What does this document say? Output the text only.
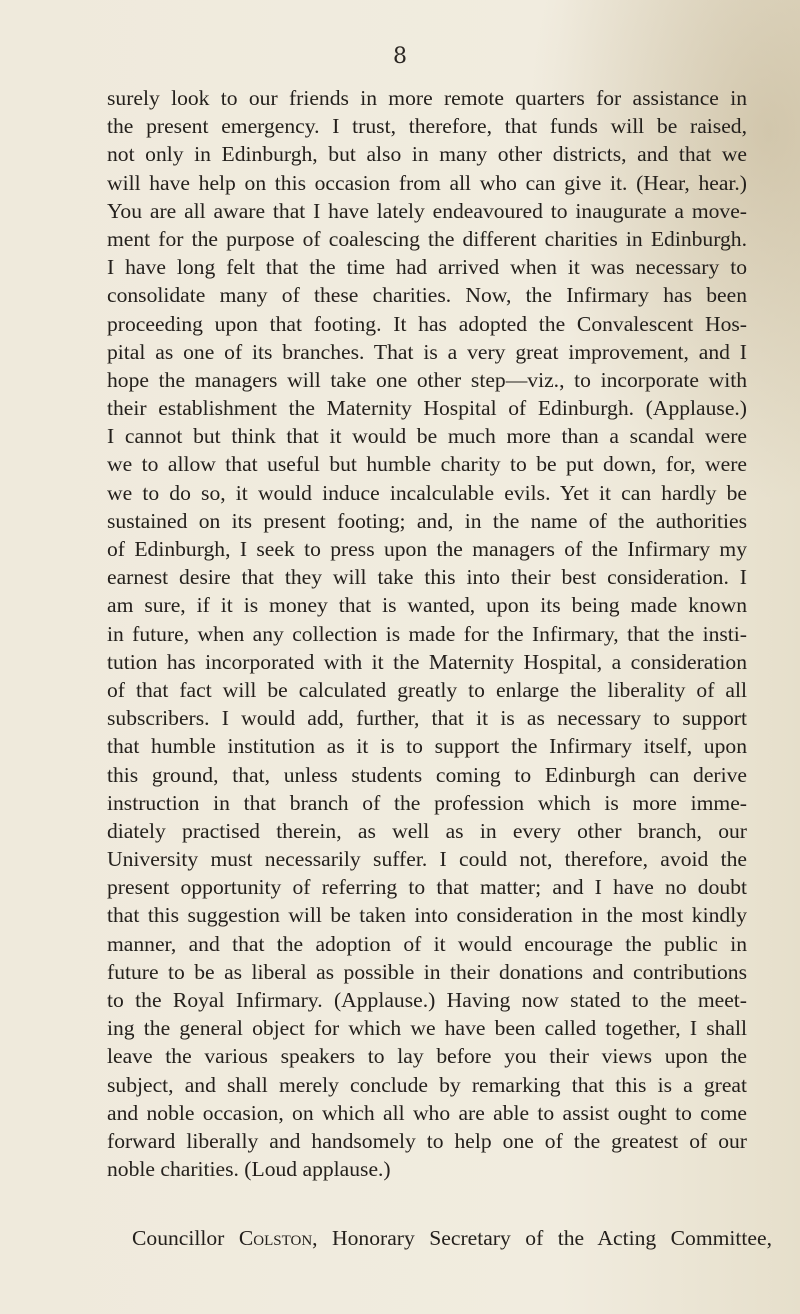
8

surely look to our friends in more remote quarters for assistance in
the present emergency. I trust, therefore, that funds will be raised,
not only in Edinburgh, but also in many other districts, and that we
will have help on this occasion from all who can give it. (Hear, hear.)
You are all aware that I have lately endeavoured to inaugurate a move-
ment for the purpose of coalescing the different charities in Edinburgh.
I have long felt that the time had arrived when it was necessary to
consolidate many of these charities. Now, the Infirmary has been
proceeding upon that footing. It has adopted the Convalescent Hos-
pital as one of its branches. That is a very great improvement, and I
hope the managers will take one other step—viz., to incorporate with
their establishment the Maternity Hospital of Edinburgh. (Applause.)
I cannot but think that it would be much more than a scandal were
we to allow that useful but humble charity to be put down, for, were
we to do so, it would induce incalculable evils. Yet it can hardly be
sustained on its present footing; and, in the name of the authorities
of Edinburgh, I seek to press upon the managers of the Infirmary my
earnest desire that they will take this into their best consideration. I
am sure, if it is money that is wanted, upon its being made known
in future, when any collection is made for the Infirmary, that the insti-
tution has incorporated with it the Maternity Hospital, a consideration
of that fact will be calculated greatly to enlarge the liberality of all
subscribers. I would add, further, that it is as necessary to support
that humble institution as it is to support the Infirmary itself, upon
this ground, that, unless students coming to Edinburgh can derive
instruction in that branch of the profession which is more imme-
diately practised therein, as well as in every other branch, our
University must necessarily suffer. I could not, therefore, avoid the
present opportunity of referring to that matter; and I have no doubt
that this suggestion will be taken into consideration in the most kindly
manner, and that the adoption of it would encourage the public in
future to be as liberal as possible in their donations and contributions
to the Royal Infirmary. (Applause.) Having now stated to the meet-
ing the general object for which we have been called together, I shall
leave the various speakers to lay before you their views upon the
subject, and shall merely conclude by remarking that this is a great
and noble occasion, on which all who are able to assist ought to come
forward liberally and handsomely to help one of the greatest of our
noble charities. (Loud applause.)

Councillor Colston, Honorary Secretary of the Acting Committee,
